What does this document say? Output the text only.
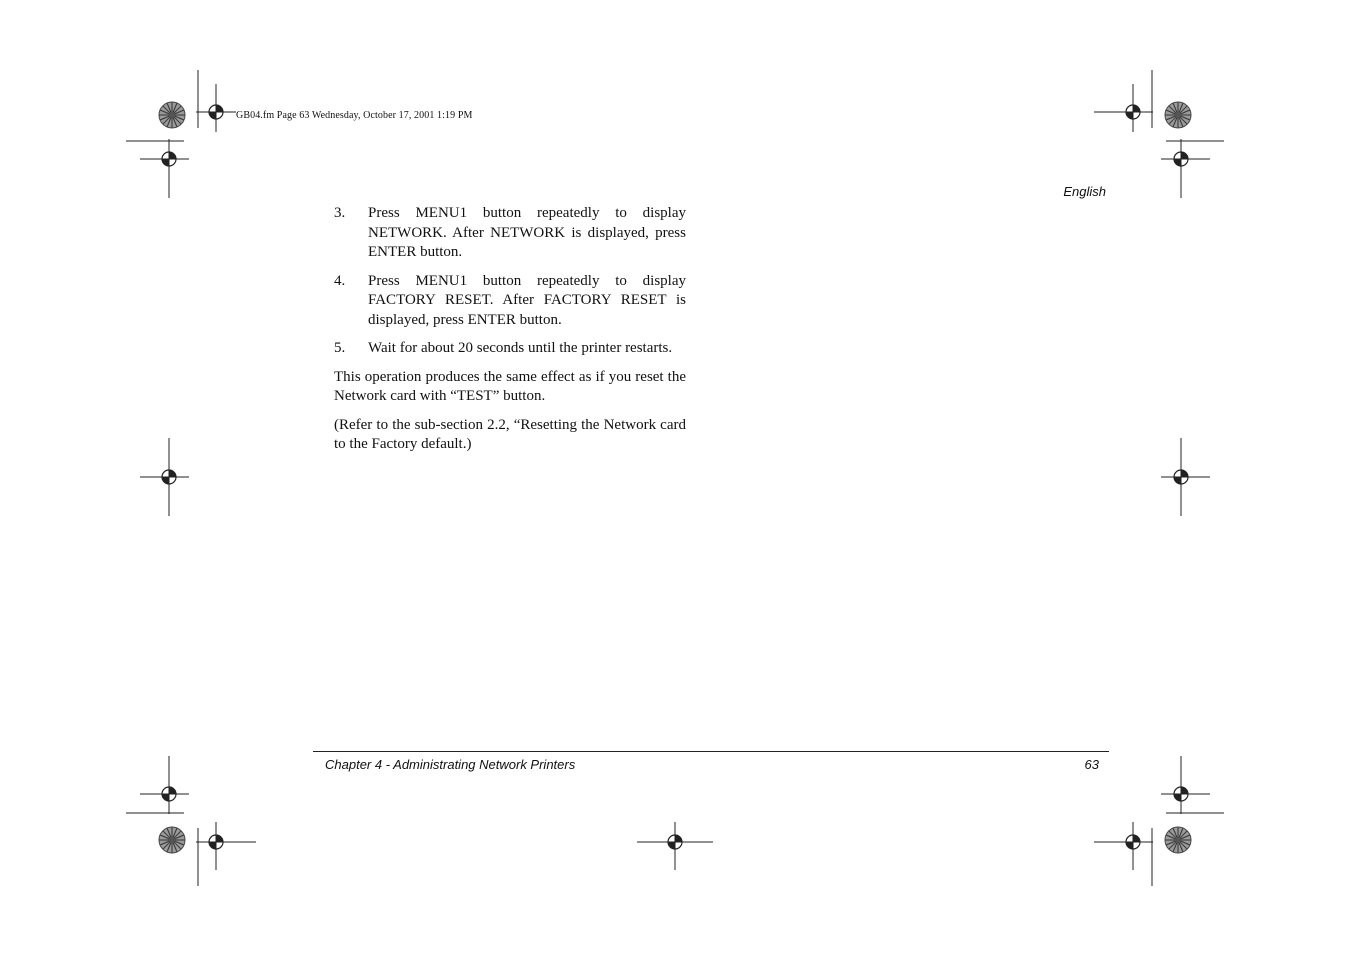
GB04.fm Page 63 Wednesday, October 17, 2001 1:19 PM
English
3.	Press MENU1 button repeatedly to display NETWORK. After NETWORK is displayed, press ENTER button.
4.	Press MENU1 button repeatedly to display FACTORY RESET. After FACTORY RESET is displayed, press ENTER button.
5.	Wait for about 20 seconds until the printer restarts.

This operation produces the same effect as if you reset the Network card with “TEST” button.

(Refer to the sub-section 2.2, “Resetting the Network card to the Factory default.)

Chapter 4 - Administrating Network Printers	63
